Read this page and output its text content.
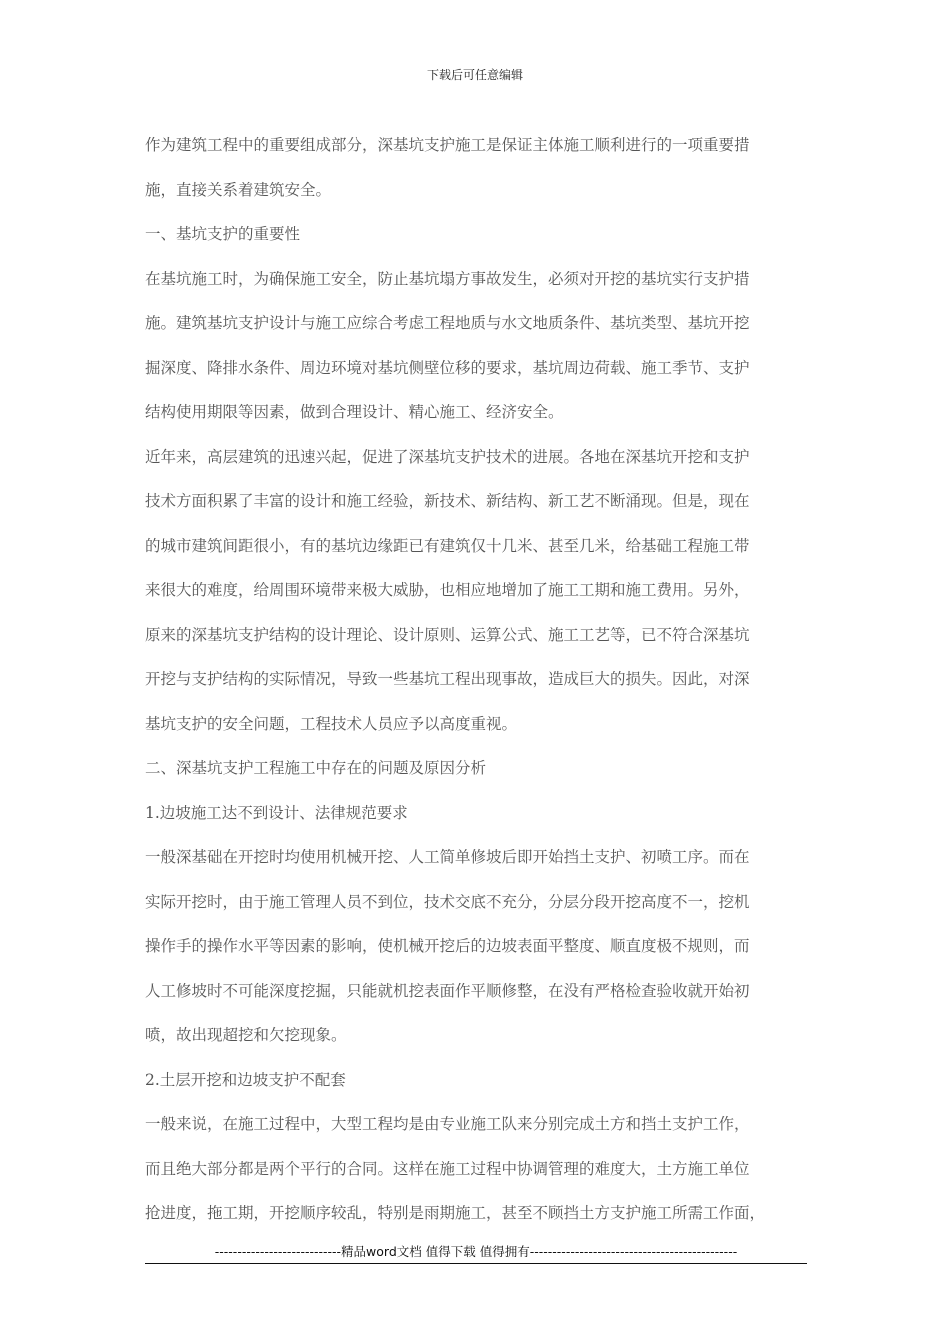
下载后可任意编辑

作为建筑工程中的重要组成部分，深基坑支护施工是保证主体施工顺利进行的一项重要措

施，直接关系着建筑安全。

一、基坑支护的重要性

在基坑施工时，为确保施工安全，防止基坑塌方事故发生，必须对开挖的基坑实行支护措

施。建筑基坑支护设计与施工应综合考虑工程地质与水文地质条件、基坑类型、基坑开挖

掘深度、降排水条件、周边环境对基坑侧壁位移的要求，基坑周边荷载、施工季节、支护

结构使用期限等因素，做到合理设计、精心施工、经济安全。

近年来，高层建筑的迅速兴起，促进了深基坑支护技术的进展。各地在深基坑开挖和支护

技术方面积累了丰富的设计和施工经验，新技术、新结构、新工艺不断涌现。但是，现在

的城市建筑间距很小，有的基坑边缘距已有建筑仅十几米、甚至几米，给基础工程施工带

来很大的难度，给周围环境带来极大威胁，也相应地增加了施工工期和施工费用。另外，

原来的深基坑支护结构的设计理论、设计原则、运算公式、施工工艺等，已不符合深基坑

开挖与支护结构的实际情况，导致一些基坑工程出现事故，造成巨大的损失。因此，对深

基坑支护的安全问题，工程技术人员应予以高度重视。

二、深基坑支护工程施工中存在的问题及原因分析

1.边坡施工达不到设计、法律规范要求

一般深基础在开挖时均使用机械开挖、人工简单修坡后即开始挡土支护、初喷工序。而在

实际开挖时，由于施工管理人员不到位，技术交底不充分，分层分段开挖高度不一，挖机

操作手的操作水平等因素的影响，使机械开挖后的边坡表面平整度、顺直度极不规则，而

人工修坡时不可能深度挖掘，只能就机挖表面作平顺修整，在没有严格检查验收就开始初

喷，故出现超挖和欠挖现象。

2.土层开挖和边坡支护不配套

一般来说，在施工过程中，大型工程均是由专业施工队来分别完成土方和挡土支护工作，

而且绝大部分都是两个平行的合同。这样在施工过程中协调管理的难度大，土方施工单位

抢进度，拖工期，开挖顺序较乱，特别是雨期施工，甚至不顾挡土方支护施工所需工作面，

----------------------------精品word文档 值得下载 值得拥有----------------------------------------------
